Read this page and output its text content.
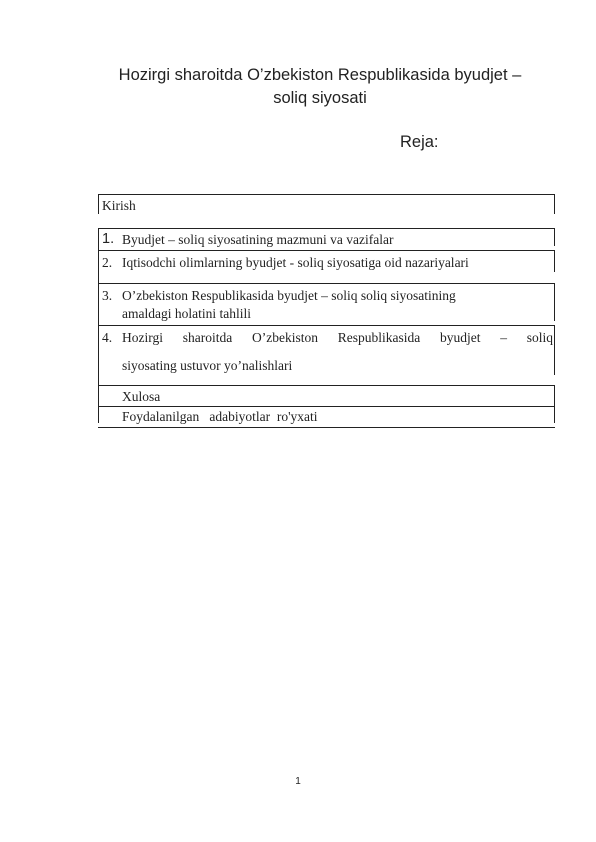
Hozirgi sharoitda O’zbekiston Respublikasida byudjet –
soliq siyosati
Reja:
Kirish
1. Byudjet – soliq siyosatining mazmuni va vazifalar
2. Iqtisodchi olimlarning byudjet - soliq siyosatiga oid nazariyalari
3. O’zbekiston Respublikasida byudjet – soliq soliq siyosatining
amaldagi holatini tahlili
4. Hozirgi sharoitda O’zbekiston Respublikasida byudjet – soliq
siyosating ustuvor yo’nalishlari
Xulosa
Foydalanilgan   adabiyotlar  ro'yxati
1
